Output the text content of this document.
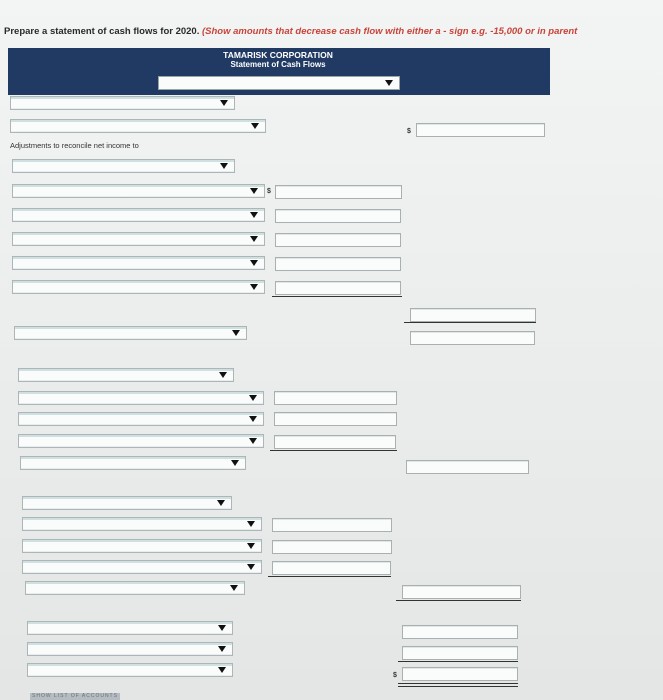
Prepare a statement of cash flows for 2020. (Show amounts that decrease cash flow with either a - sign e.g. -15,000 or in parent
TAMARISK CORPORATION
Statement of Cash Flows
$
Adjustments to reconcile net income to
$
$
SHOW LIST OF ACCOUNTS
